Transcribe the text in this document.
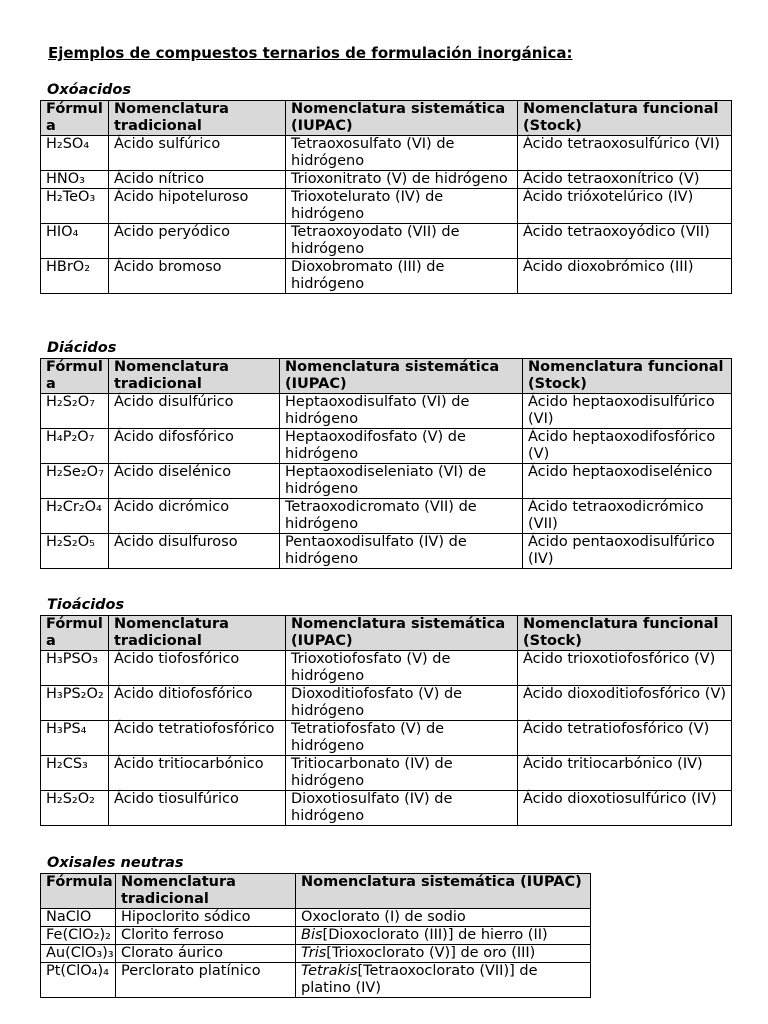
Ejemplos de compuestos ternarios de formulación inorgánica:
Oxóacidos
Fórmula	Nomenclatura tradicional	Nomenclatura sistemática (IUPAC)	Nomenclatura funcional (Stock)
H₂SO₄	Ácido sulfúrico	Tetraoxosulfato (VI) de hidrógeno	Ácido tetraoxosulfúrico (VI)
HNO₃	Ácido nítrico	Trioxonitrato (V) de hidrógeno	Ácido tetraoxonítrico (V)
H₂TeO₃	Ácido hipoteluroso	Trioxotelurato (IV) de hidrógeno	Ácido trióxotelúrico (IV)
HIO₄	Ácido peryódico	Tetraoxoyodato (VII) de hidrógeno	Ácido tetraoxoyódico (VII)
HBrO₂	Ácido bromoso	Dioxobromato (III) de hidrógeno	Ácido dioxobrómico (III)
Diácidos
Fórmula	Nomenclatura tradicional	Nomenclatura sistemática (IUPAC)	Nomenclatura funcional (Stock)
H₂S₂O₇	Ácido disulfúrico	Heptaoxodisulfato (VI) de hidrógeno	Ácido heptaoxodisulfúrico (VI)
H₄P₂O₇	Ácido difosfórico	Heptaoxodifosfato (V) de hidrógeno	Ácido heptaoxodifosfórico (V)
H₂Se₂O₇	Ácido diselénico	Heptaoxodiseleniato (VI) de hidrógeno	Ácido heptaoxodiselénico
H₂Cr₂O₄	Ácido dicrómico	Tetraoxodicromato (VII) de hidrógeno	Ácido tetraoxodicrómico (VII)
H₂S₂O₅	Ácido disulfuroso	Pentaoxodisulfato (IV) de hidrógeno	Ácido pentaoxodisulfúrico (IV)
Tioácidos
Fórmula	Nomenclatura tradicional	Nomenclatura sistemática (IUPAC)	Nomenclatura funcional (Stock)
H₃PSO₃	Ácido tiofosfórico	Trioxotiofosfato (V) de hidrógeno	Ácido trioxotiofosfórico (V)
H₃PS₂O₂	Ácido ditiofosfórico	Dioxoditiofosfato (V) de hidrógeno	Ácido dioxoditiofosfórico (V)
H₃PS₄	Ácido tetratiofosfórico	Tetratiofosfato (V) de hidrógeno	Ácido tetratiofosfórico (V)
H₂CS₃	Ácido tritiocarbónico	Tritiocarbonato (IV) de hidrógeno	Ácido tritiocarbónico (IV)
H₂S₂O₂	Ácido tiosulfúrico	Dioxotiosulfato (IV) de hidrógeno	Ácido dioxotiosulfúrico (IV)
Oxisales neutras
Fórmula	Nomenclatura tradicional	Nomenclatura sistemática (IUPAC)
NaClO	Hipoclorito sódico	Oxoclorato (I) de sodio
Fe(ClO₂)₂	Clorito ferroso	Bis[Dioxoclorato (III)] de hierro (II)
Au(ClO₃)₃	Clorato áurico	Tris[Trioxoclorato (V)] de oro (III)
Pt(ClO₄)₄	Perclorato platínico	Tetrakis[Tetraoxoclorato (VII)] de platino (IV)
